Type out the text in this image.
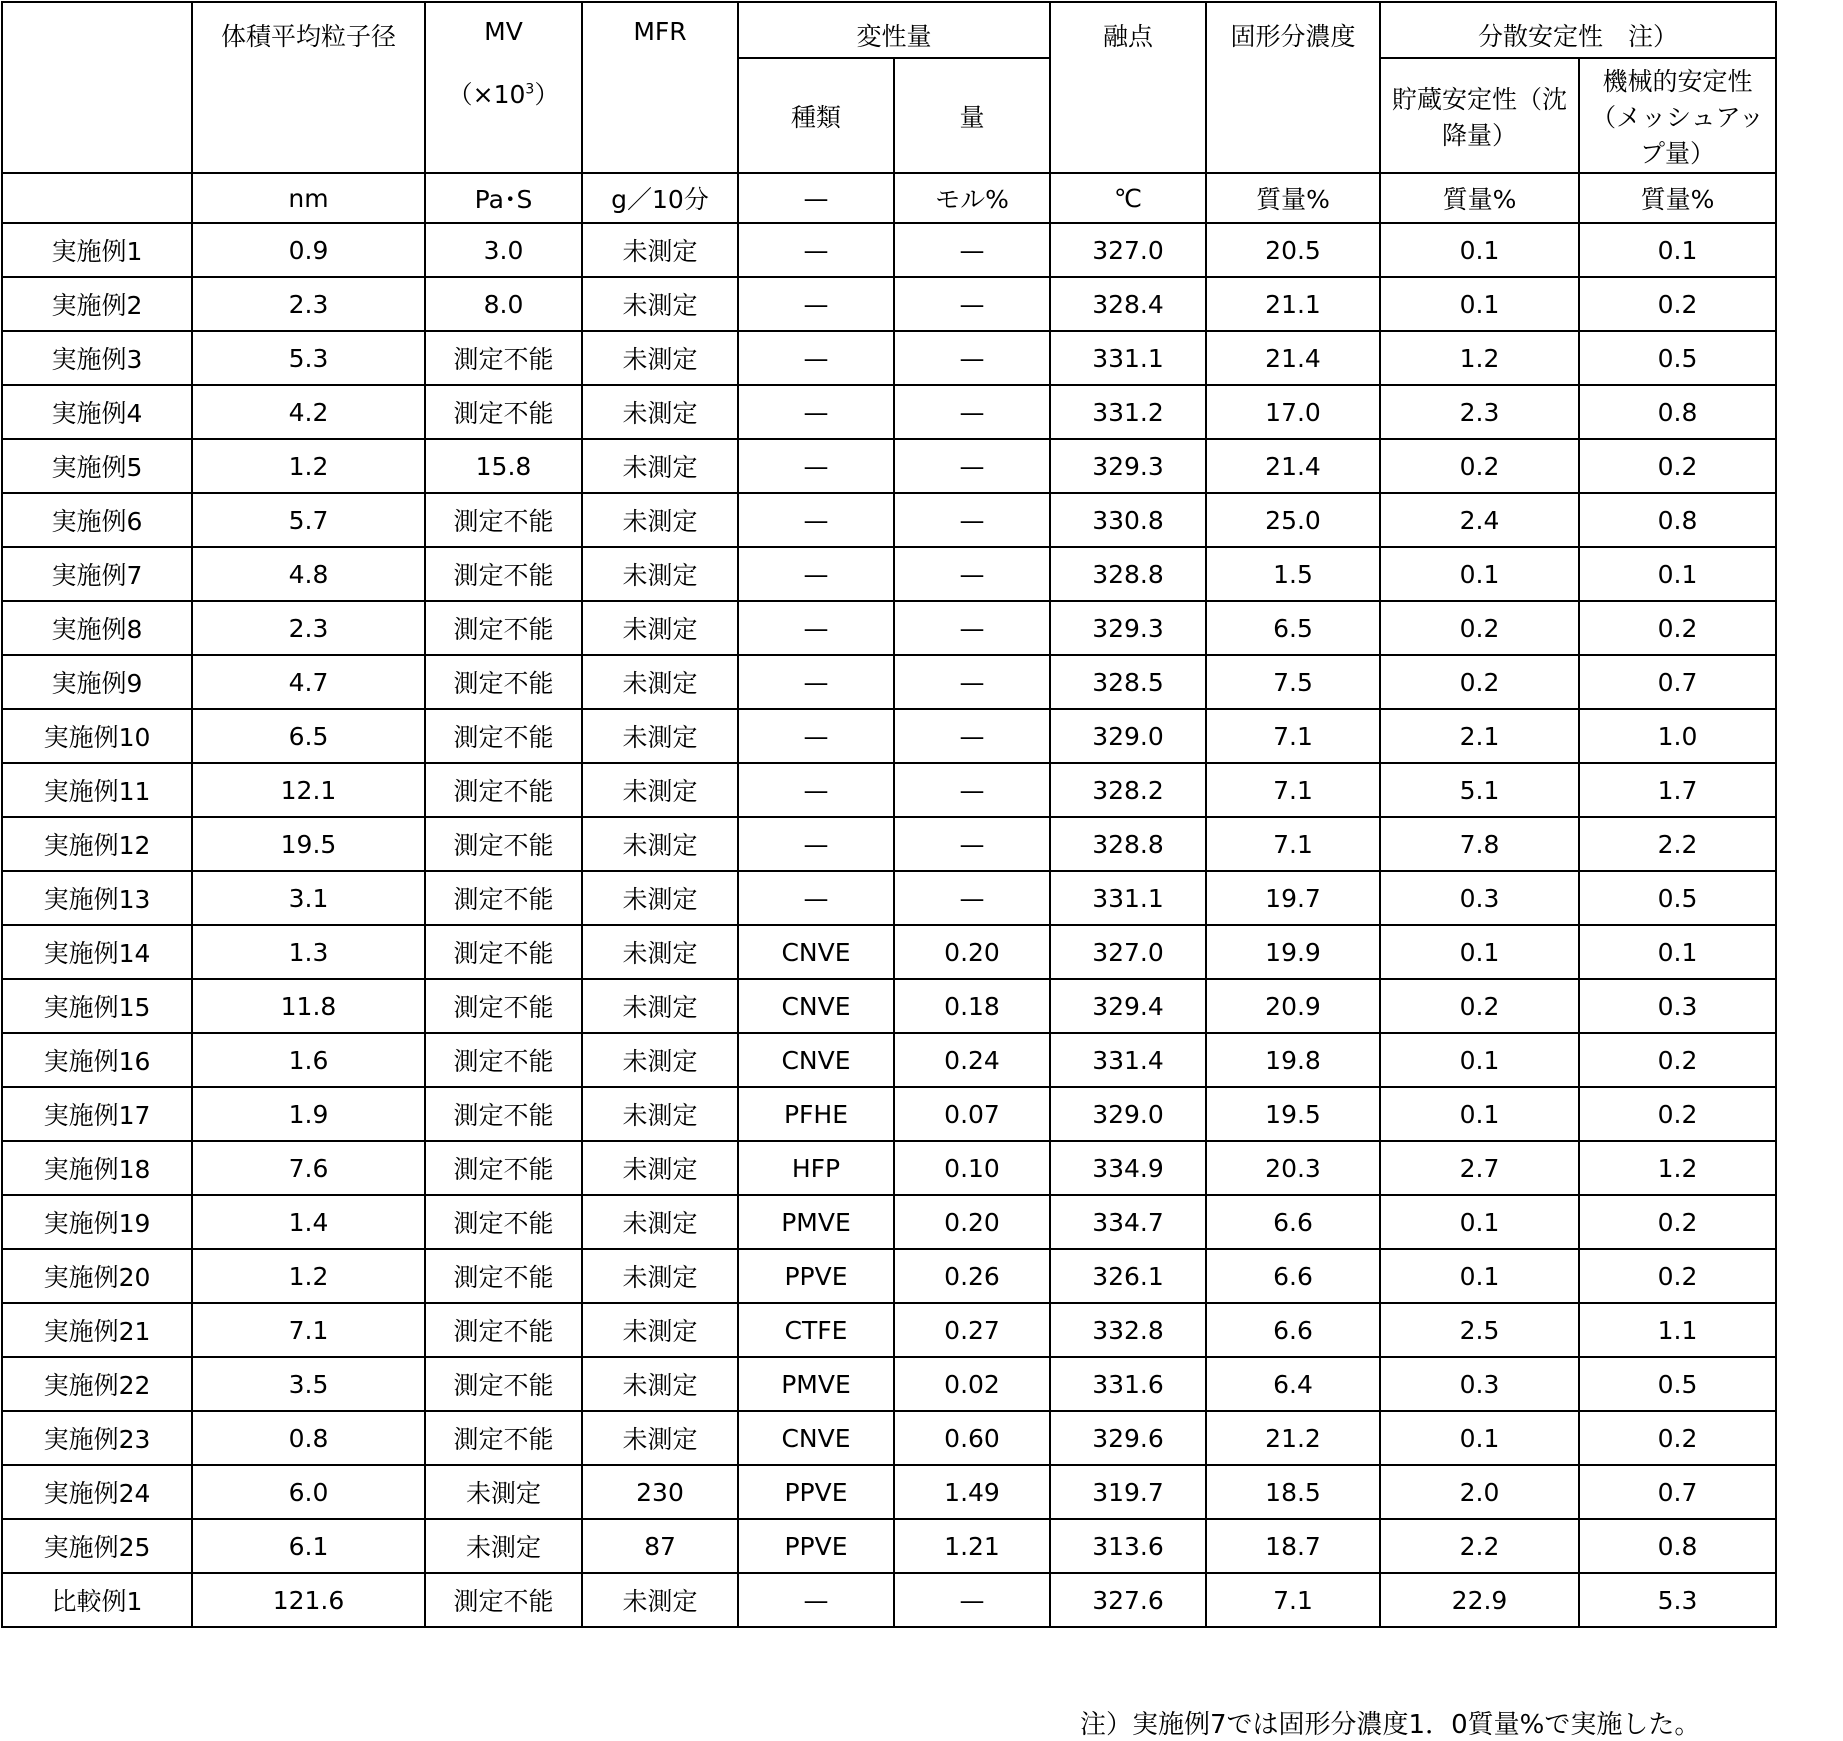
	体積平均粒子径	MV

（×103）	MFR	変性量	融点	固形分濃度	分散安定性　注）
種類	量	貯蔵安定性（沈降量）	機械的安定性（メッシュアップ量）
	nm	Pa･S	g／10分	—	モル%	℃	質量%	質量%	質量%
実施例1	0.9	3.0	未測定	—	—	327.0	20.5	0.1	0.1
実施例2	2.3	8.0	未測定	—	—	328.4	21.1	0.1	0.2
実施例3	5.3	測定不能	未測定	—	—	331.1	21.4	1.2	0.5
実施例4	4.2	測定不能	未測定	—	—	331.2	17.0	2.3	0.8
実施例5	1.2	15.8	未測定	—	—	329.3	21.4	0.2	0.2
実施例6	5.7	測定不能	未測定	—	—	330.8	25.0	2.4	0.8
実施例7	4.8	測定不能	未測定	—	—	328.8	1.5	0.1	0.1
実施例8	2.3	測定不能	未測定	—	—	329.3	6.5	0.2	0.2
実施例9	4.7	測定不能	未測定	—	—	328.5	7.5	0.2	0.7
実施例10	6.5	測定不能	未測定	—	—	329.0	7.1	2.1	1.0
実施例11	12.1	測定不能	未測定	—	—	328.2	7.1	5.1	1.7
実施例12	19.5	測定不能	未測定	—	—	328.8	7.1	7.8	2.2
実施例13	3.1	測定不能	未測定	—	—	331.1	19.7	0.3	0.5
実施例14	1.3	測定不能	未測定	CNVE	0.20	327.0	19.9	0.1	0.1
実施例15	11.8	測定不能	未測定	CNVE	0.18	329.4	20.9	0.2	0.3
実施例16	1.6	測定不能	未測定	CNVE	0.24	331.4	19.8	0.1	0.2
実施例17	1.9	測定不能	未測定	PFHE	0.07	329.0	19.5	0.1	0.2
実施例18	7.6	測定不能	未測定	HFP	0.10	334.9	20.3	2.7	1.2
実施例19	1.4	測定不能	未測定	PMVE	0.20	334.7	6.6	0.1	0.2
実施例20	1.2	測定不能	未測定	PPVE	0.26	326.1	6.6	0.1	0.2
実施例21	7.1	測定不能	未測定	CTFE	0.27	332.8	6.6	2.5	1.1
実施例22	3.5	測定不能	未測定	PMVE	0.02	331.6	6.4	0.3	0.5
実施例23	0.8	測定不能	未測定	CNVE	0.60	329.6	21.2	0.1	0.2
実施例24	6.0	未測定	230	PPVE	1.49	319.7	18.5	2.0	0.7
実施例25	6.1	未測定	87	PPVE	1.21	313.6	18.7	2.2	0.8
比較例1	121.6	測定不能	未測定	—	—	327.6	7.1	22.9	5.3
注）実施例7では固形分濃度1．0質量%で実施した。
